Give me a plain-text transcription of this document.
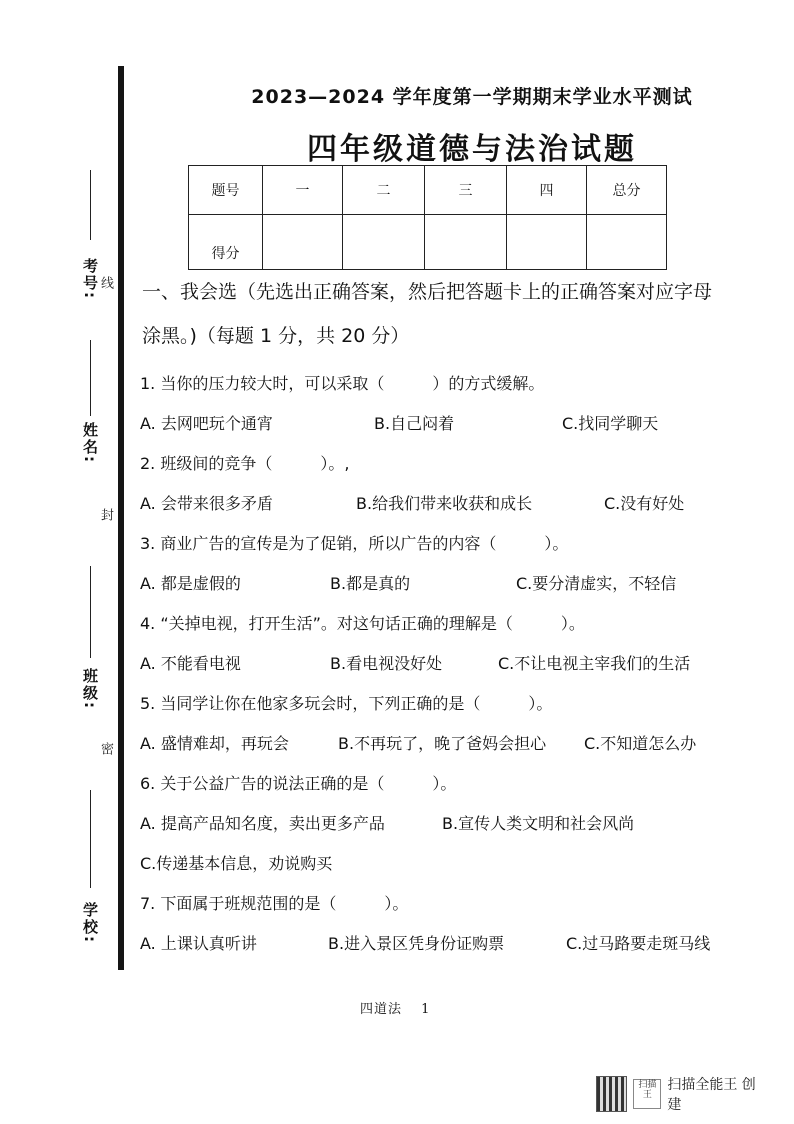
考号:
姓名:
班级:
学校:
线
封
密
2023—2024 学年度第一学期期末学业水平测试
四年级道德与法治试题
题号	一	二	三	四	总分
得分					
一、我会选（先选出正确答案，然后把答题卡上的正确答案对应字母
涂黑。)（每题 1 分，共 20 分）
1. 当你的压力较大时，可以采取（　　　）的方式缓解。
A. 去网吧玩个通宵	B.自己闷着	C.找同学聊天
2. 班级间的竞争（　　　）。,
A. 会带来很多矛盾	B.给我们带来收获和成长	C.没有好处
3. 商业广告的宣传是为了促销，所以广告的内容（　　　）。
A. 都是虚假的	B.都是真的	C.要分清虚实，不轻信
4. “关掉电视，打开生活”。对这句话正确的理解是（　　　）。
A. 不能看电视	B.看电视没好处	C.不让电视主宰我们的生活
5. 当同学让你在他家多玩会时，下列正确的是（　　　）。
A. 盛情难却，再玩会	B.不再玩了，晚了爸妈会担心 C.不知道怎么办
6. 关于公益广告的说法正确的是（　　　）。
A. 提高产品知名度，卖出更多产品	B.宣传人类文明和社会风尚
C.传递基本信息，劝说购买
7. 下面属于班规范围的是（　　　）。
A. 上课认真听讲	B.进入景区凭身份证购票	C.过马路要走斑马线
四道法　 1
扫描王
扫描全能王 创建
